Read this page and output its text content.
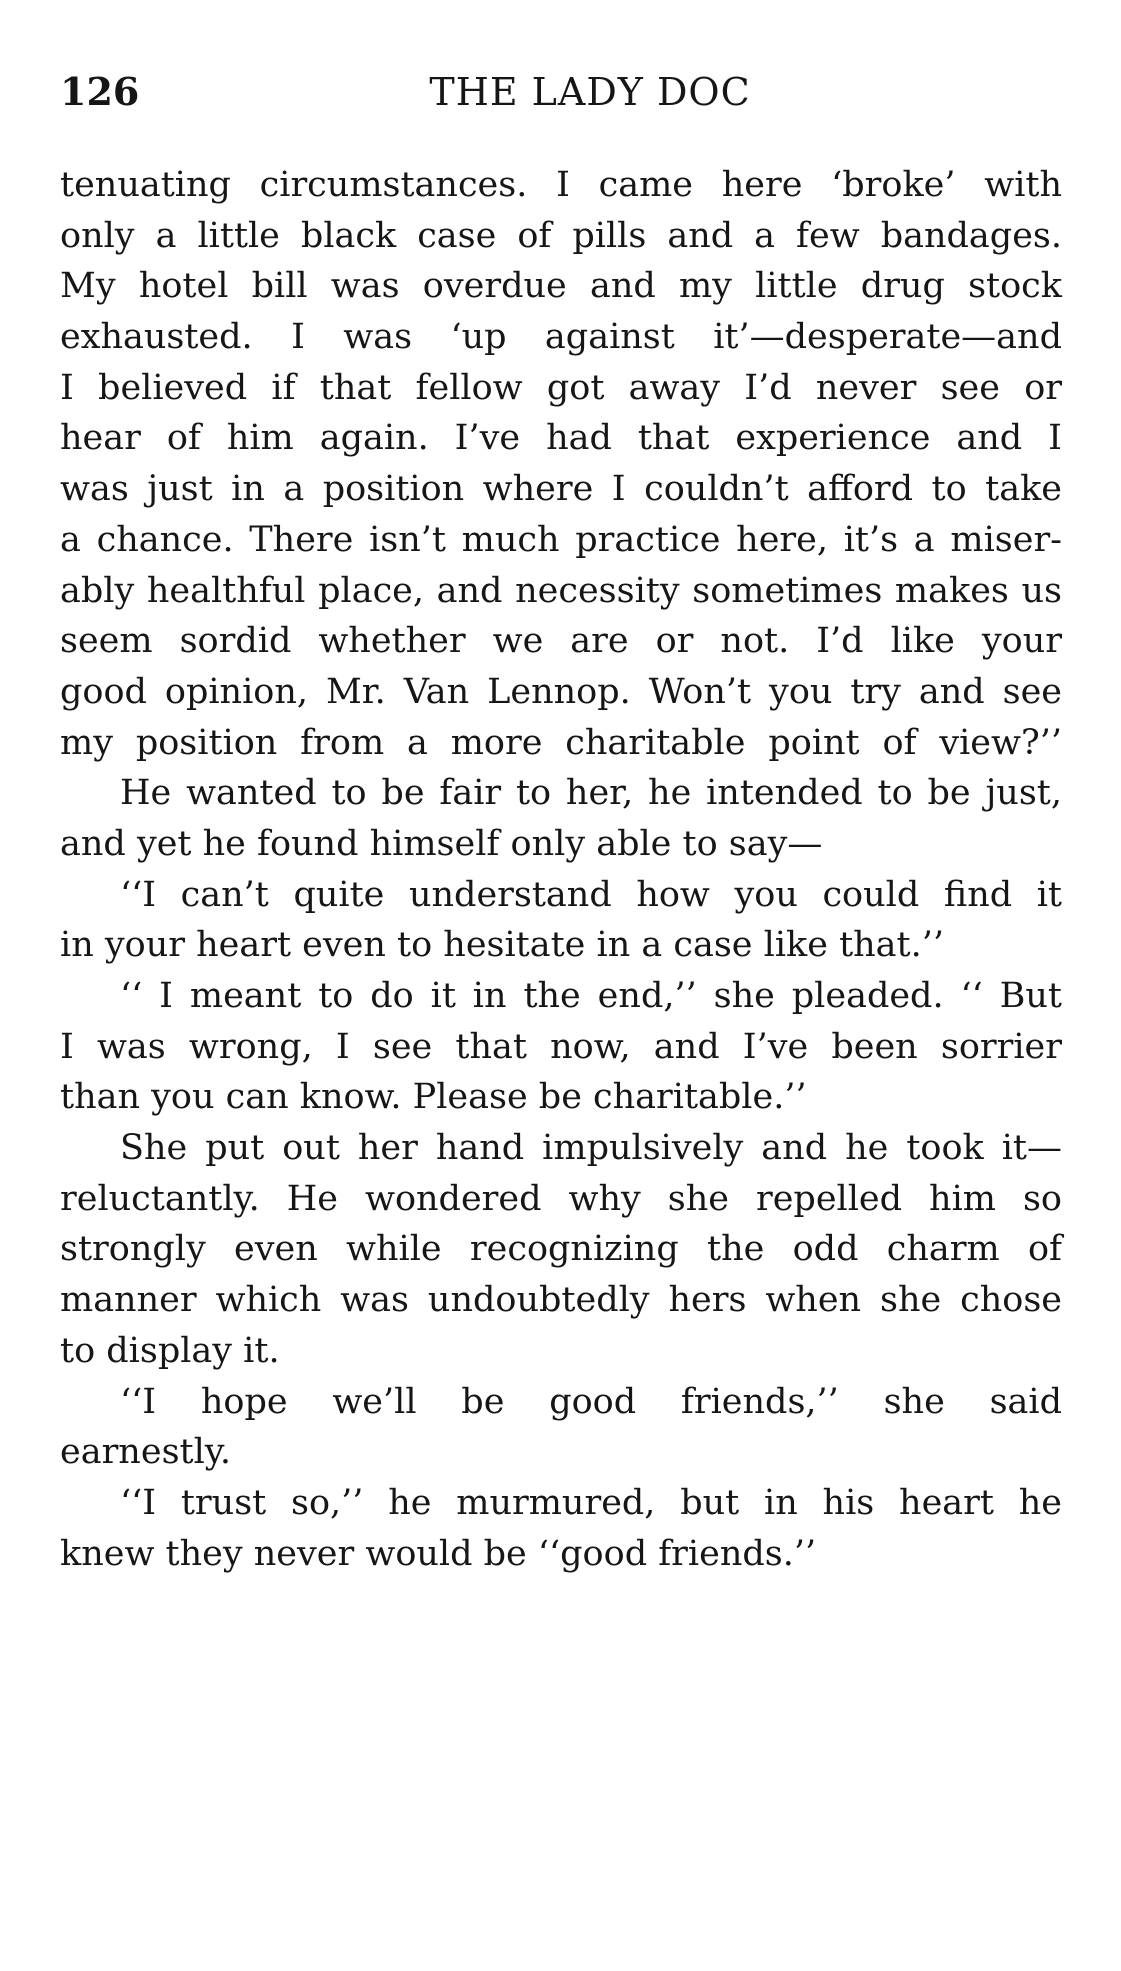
126	THE LADY DOC
tenuating circumstances. I came here ‘broke’ with
only a little black case of pills and a few bandages.
My hotel bill was overdue and my little drug stock
exhausted. I was ‘up against it’—desperate—and
I believed if that fellow got away I’d never see or
hear of him again. I’ve had that experience and I
was just in a position where I couldn’t afford to take
a chance. There isn’t much practice here, it’s a miser-
ably healthful place, and necessity sometimes makes us
seem sordid whether we are or not. I’d like your
good opinion, Mr. Van Lennop. Won’t you try and see
my position from a more charitable point of view?’’
He wanted to be fair to her, he intended to be just,
and yet he found himself only able to say—
‘‘I can’t quite understand how you could find it
in your heart even to hesitate in a case like that.’’
‘‘ I meant to do it in the end,’’ she pleaded. ‘‘ But
I was wrong, I see that now, and I’ve been sorrier
than you can know. Please be charitable.’’
She put out her hand impulsively and he took it—
reluctantly. He wondered why she repelled him so
strongly even while recognizing the odd charm of
manner which was undoubtedly hers when she chose
to display it.
‘‘I hope we’ll be good friends,’’ she said
earnestly.
‘‘I trust so,’’ he murmured, but in his heart he
knew they never would be ‘‘good friends.’’
